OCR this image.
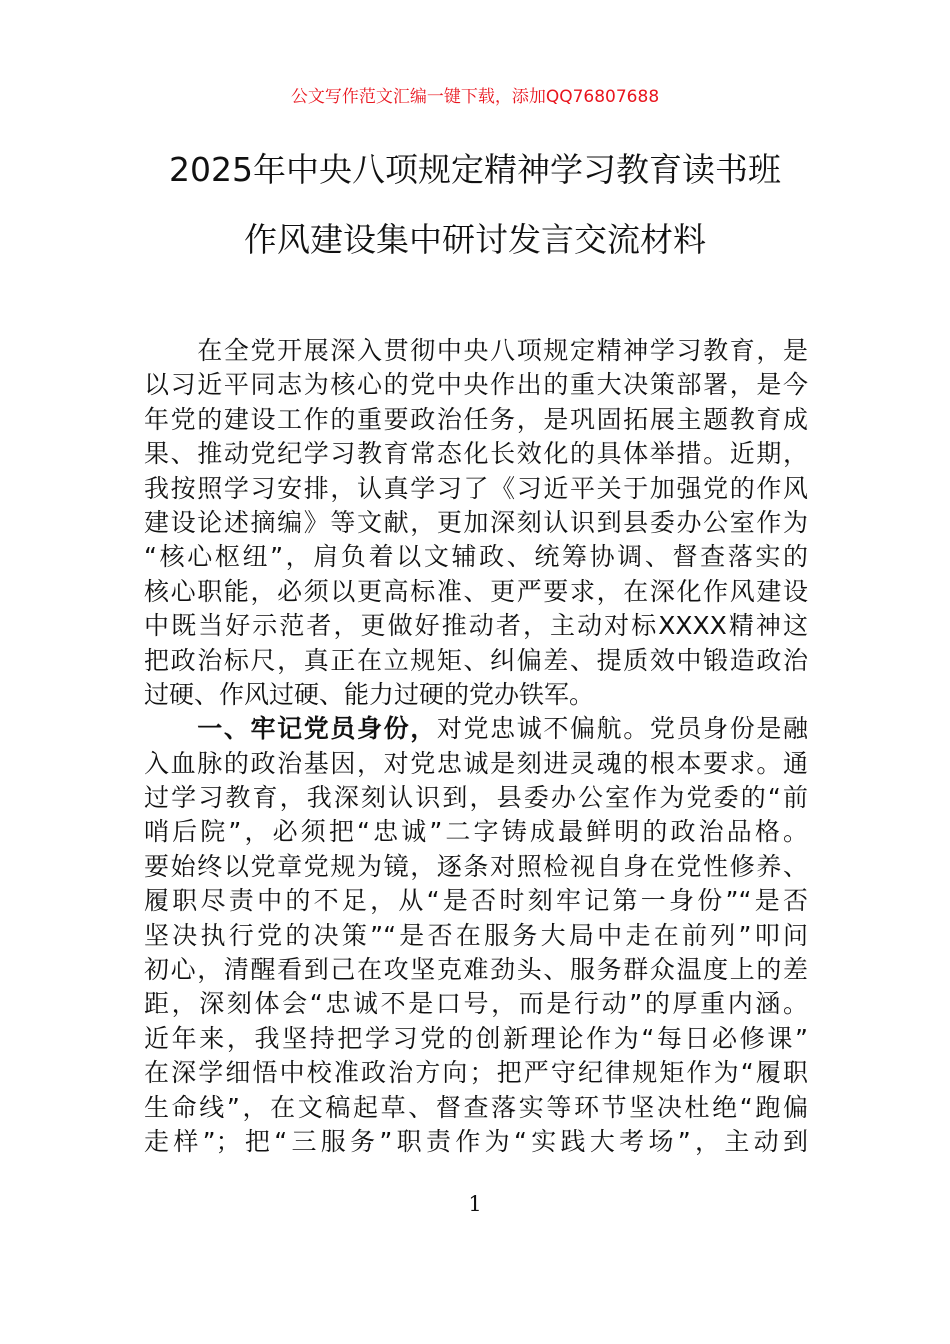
公文写作范文汇编一键下载，添加QQ76807688
2025年中央八项规定精神学习教育读书班
作风建设集中研讨发言交流材料
　　在全党开展深入贯彻中央八项规定精神学习教育，是
以习近平同志为核心的党中央作出的重大决策部署，是今
年党的建设工作的重要政治任务，是巩固拓展主题教育成
果、推动党纪学习教育常态化长效化的具体举措。近期，
我按照学习安排，认真学习了《习近平关于加强党的作风
建设论述摘编》等文献，更加深刻认识到县委办公室作为
“核心枢纽”，肩负着以文辅政、统筹协调、督查落实的
核心职能，必须以更高标准、更严要求，在深化作风建设
中既当好示范者，更做好推动者，主动对标XXXX精神这
把政治标尺，真正在立规矩、纠偏差、提质效中锻造政治
过硬、作风过硬、能力过硬的党办铁军。
　　一、牢记党员身份，对党忠诚不偏航。党员身份是融
入血脉的政治基因，对党忠诚是刻进灵魂的根本要求。通
过学习教育，我深刻认识到，县委办公室作为党委的“前
哨后院”，必须把“忠诚”二字铸成最鲜明的政治品格。
要始终以党章党规为镜，逐条对照检视自身在党性修养、
履职尽责中的不足，从“是否时刻牢记第一身份”“是否
坚决执行党的决策”“是否在服务大局中走在前列”叩问
初心，清醒看到己在攻坚克难劲头、服务群众温度上的差
距，深刻体会“忠诚不是口号，而是行动”的厚重内涵。
近年来，我坚持把学习党的创新理论作为“每日必修课”
在深学细悟中校准政治方向；把严守纪律规矩作为“履职
生命线”，在文稿起草、督查落实等环节坚决杜绝“跑偏
走样”；把“三服务”职责作为“实践大考场”，主动到
1
